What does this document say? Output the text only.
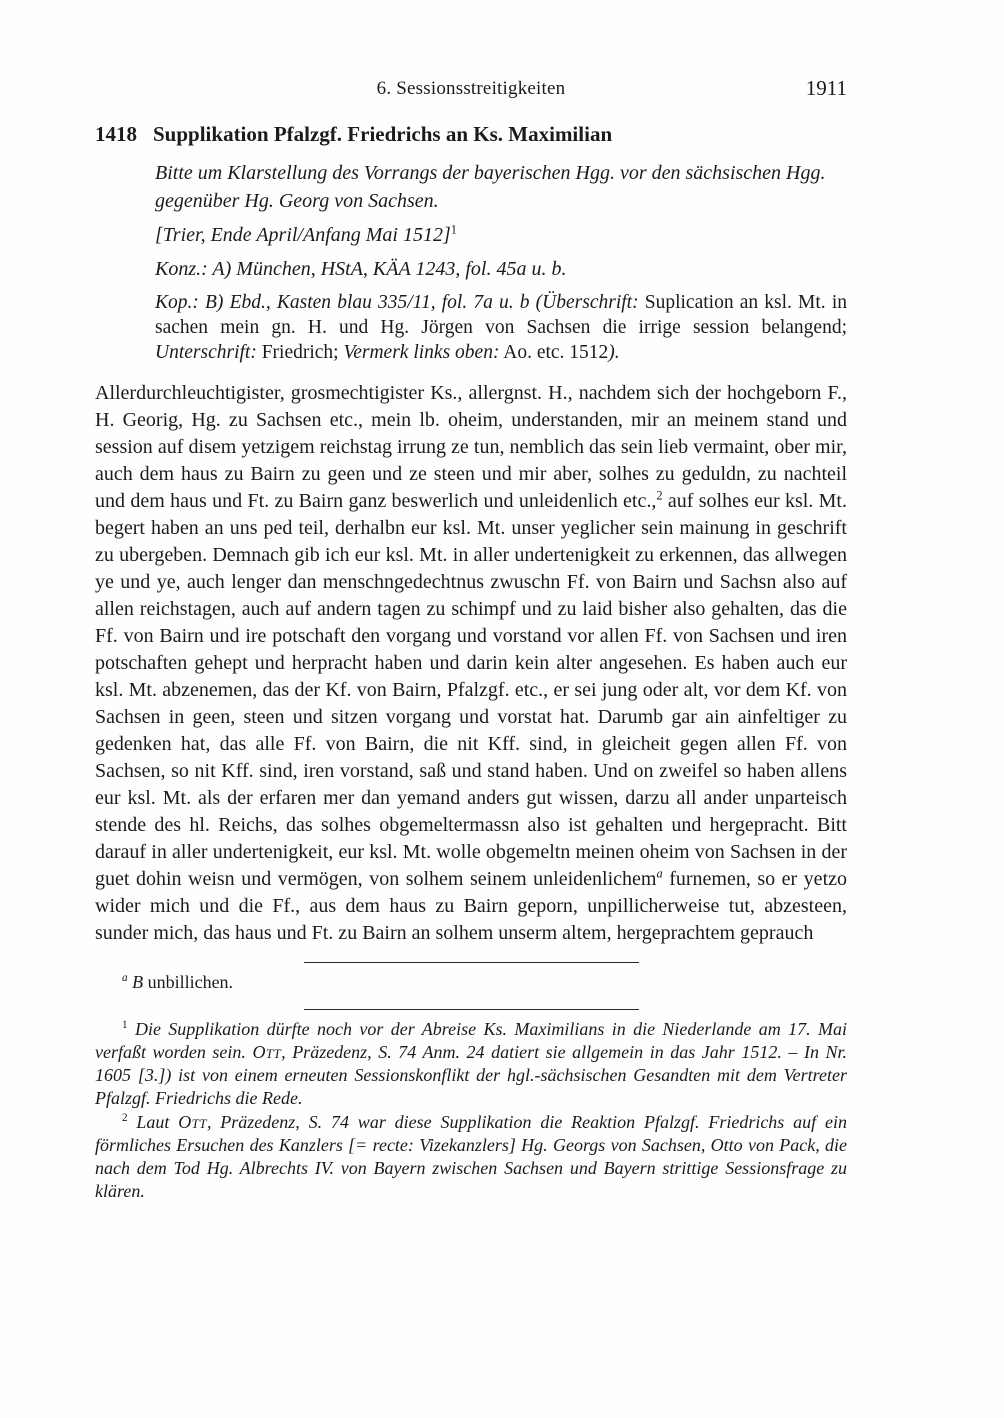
6. Sessionsstreitigkeiten	1911
1418 Supplikation Pfalzgf. Friedrichs an Ks. Maximilian

Bitte um Klarstellung des Vorrangs der bayerischen Hgg. vor den sächsischen Hgg. gegenüber Hg. Georg von Sachsen.

[Trier, Ende April/Anfang Mai 1512]$^1$

Konz.: A) München, HStA, KÄA 1243, fol. 45a u. b.

Kop.: B) Ebd., Kasten blau 335/11, fol. 7a u. b (Überschrift: Suplication an ksl. Mt. in sachen mein gn. H. und Hg. Jörgen von Sachsen die irrige session belangend; Unterschrift: Friedrich; Vermerk links oben: Ao. etc. 1512).

Allerdurchleuchtigister, grosmechtigister Ks., allergnst. H., nachdem sich der hochgeborn F., H. Georig, Hg. zu Sachsen etc., mein lb. oheim, understanden, mir an meinem stand und session auf disem yetzigem reichstag irrung ze tun, nemblich das sein lieb vermaint, ober mir, auch dem haus zu Bairn zu geen und ze steen und mir aber, solhes zu geduldn, zu nachteil und dem haus und Ft. zu Bairn ganz beswerlich und unleidenlich etc.,$^2$ auf solhes eur ksl. Mt. begert haben an uns ped teil, derhalbn eur ksl. Mt. unser yeglicher sein mainung in geschrift zu ubergeben. Demnach gib ich eur ksl. Mt. in aller undertenigkeit zu erkennen, das allwegen ye und ye, auch lenger dan menschngedechtnus zwuschn Ff. von Bairn und Sachsn also auf allen reichstagen, auch auf andern tagen zu schimpf und zu laid bisher also gehalten, das die Ff. von Bairn und ire potschaft den vorgang und vorstand vor allen Ff. von Sachsen und iren potschaften gehept und herpracht haben und darin kein alter angesehen. Es haben auch eur ksl. Mt. abzenemen, das der Kf. von Bairn, Pfalzgf. etc., er sei jung oder alt, vor dem Kf. von Sachsen in geen, steen und sitzen vorgang und vorstat hat. Darumb gar ain ainfeltiger zu gedenken hat, das alle Ff. von Bairn, die nit Kff. sind, in gleicheit gegen allen Ff. von Sachsen, so nit Kff. sind, iren vorstand, saß und stand haben. Und on zweifel so haben allens eur ksl. Mt. als der erfaren mer dan yemand anders gut wissen, darzu all ander unparteisch stende des hl. Reichs, das solhes obgemeltermassn also ist gehalten und hergepracht. Bitt darauf in aller undertenigkeit, eur ksl. Mt. wolle obgemeltn meinen oheim von Sachsen in der guet dohin weisn und vermögen, von solhem seinem unleidenlichem$^a$ furnemen, so er yetzo wider mich und die Ff., aus dem haus zu Bairn geporn, unpillicherweise tut, abzesteen, sunder mich, das haus und Ft. zu Bairn an solhem unserm altem, hergeprachtem geprauch

$^a$ B unbillichen.

$^1$ Die Supplikation dürfte noch vor der Abreise Ks. Maximilians in die Niederlande am 17. Mai verfaßt worden sein. Ott, Präzedenz, S. 74 Anm. 24 datiert sie allgemein in das Jahr 1512. – In Nr. 1605 [3.]) ist von einem erneuten Sessionskonflikt der hgl.-sächsischen Gesandten mit dem Vertreter Pfalzgf. Friedrichs die Rede.

$^2$ Laut Ott, Präzedenz, S. 74 war diese Supplikation die Reaktion Pfalzgf. Friedrichs auf ein förmliches Ersuchen des Kanzlers [= recte: Vizekanzlers] Hg. Georgs von Sachsen, Otto von Pack, die nach dem Tod Hg. Albrechts IV. von Bayern zwischen Sachsen und Bayern strittige Sessionsfrage zu klären.
